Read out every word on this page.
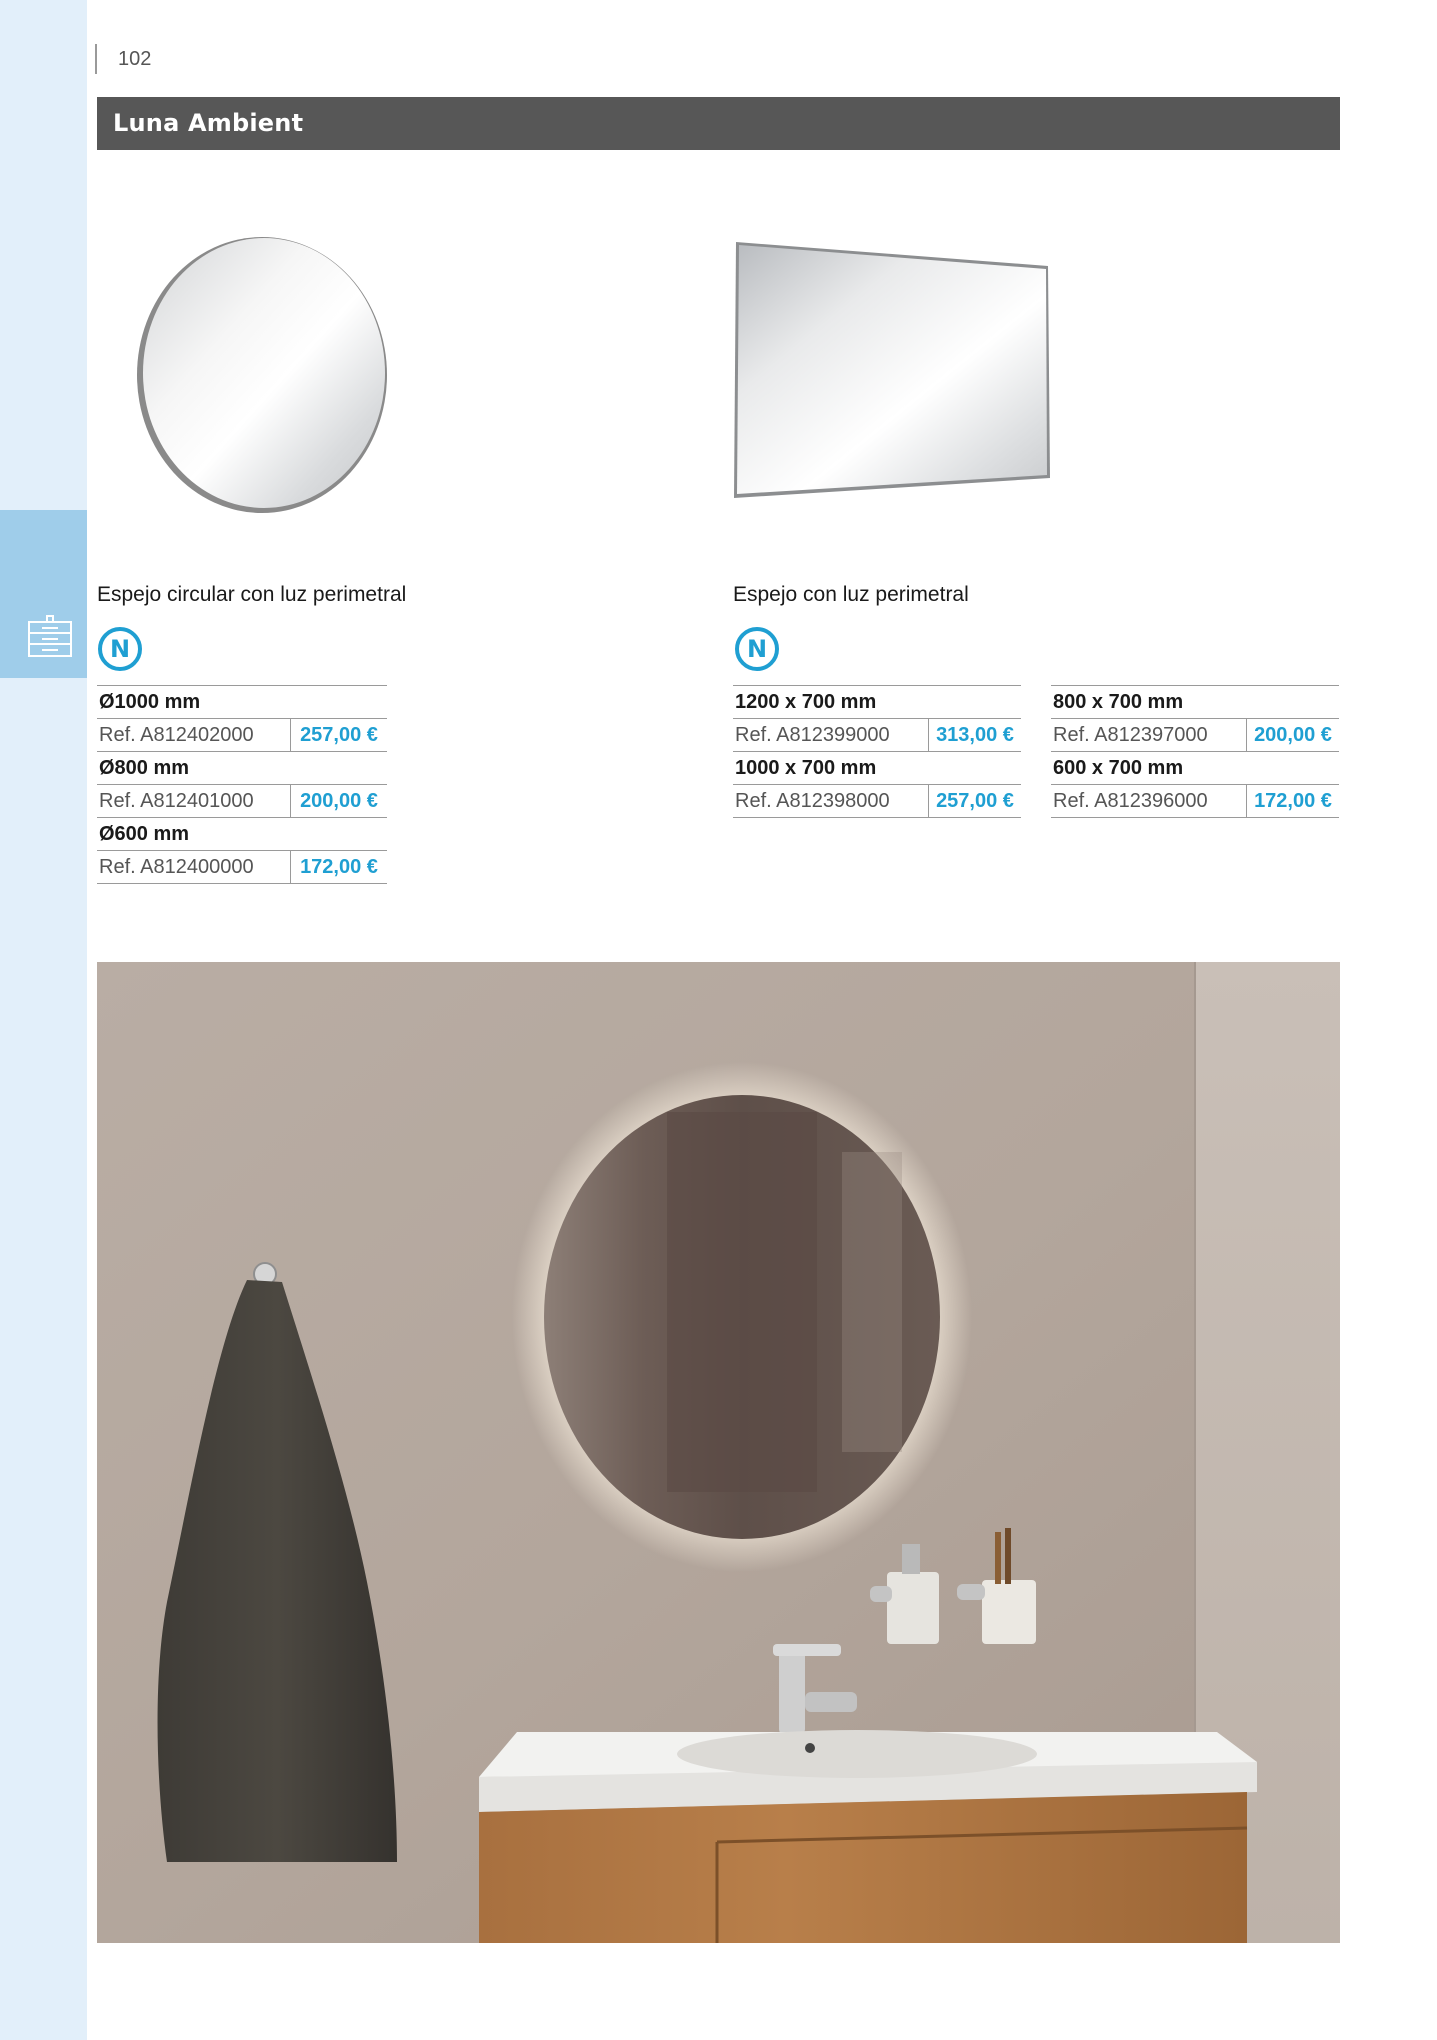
102
Luna Ambient
Espejo circular con luz perimetral
N
Ø1000 mm
Ref. A812402000	257,00 €
Ø800 mm
Ref. A812401000	200,00 €
Ø600 mm
Ref. A812400000	172,00 €
Espejo con luz perimetral
N
1200 x 700 mm
Ref. A812399000	313,00 €
1000 x 700 mm
Ref. A812398000	257,00 €
800 x 700 mm
Ref. A812397000	200,00 €
600 x 700 mm
Ref. A812396000	172,00 €
